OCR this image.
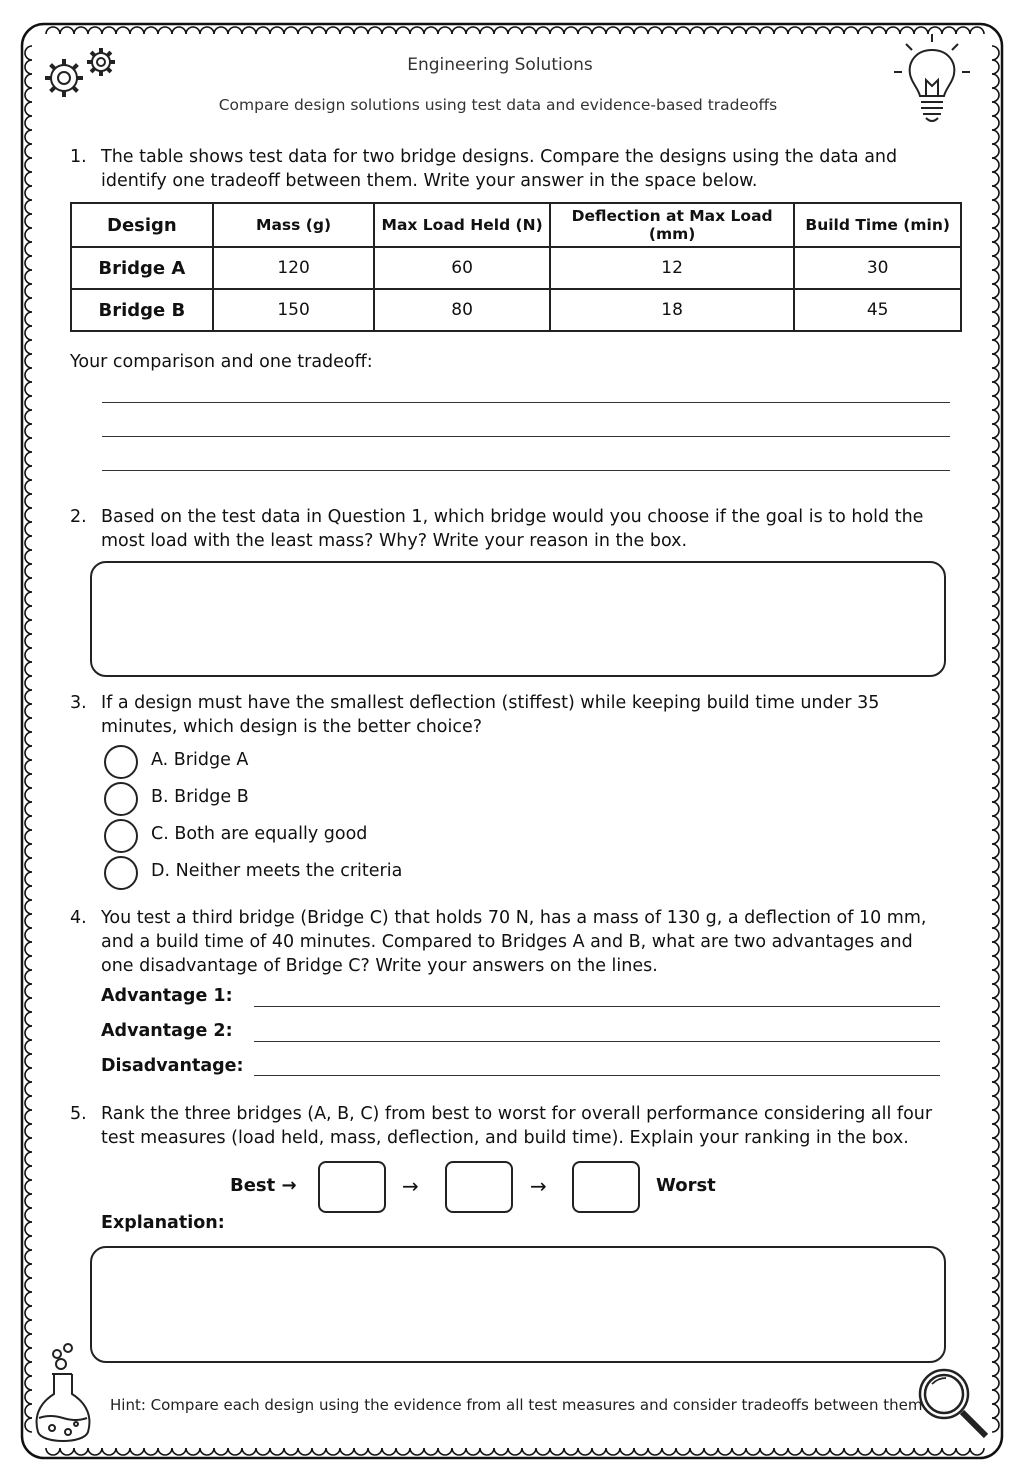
Engineering Solutions
Compare design solutions using test data and evidence-based tradeoffs
1. The table shows test data for two bridge designs. Compare the designs using the data and identify one tradeoff between them. Write your answer in the space below.
Design	Mass (g)	Max Load Held (N)	Deflection at Max Load (mm)	Build Time (min)
Bridge A	120	60	12	30
Bridge B	150	80	18	45
Your comparison and one tradeoff:
2. Based on the test data in Question 1, which bridge would you choose if the goal is to hold the most load with the least mass? Why? Write your reason in the box.
3. If a design must have the smallest deflection (stiffest) while keeping build time under 35 minutes, which design is the better choice?
A. Bridge A
B. Bridge B
C. Both are equally good
D. Neither meets the criteria
4. You test a third bridge (Bridge C) that holds 70 N, has a mass of 130 g, a deflection of 10 mm, and a build time of 40 minutes. Compared to Bridges A and B, what are two advantages and one disadvantage of Bridge C? Write your answers on the lines.
Advantage 1:
Advantage 2:
Disadvantage:
5. Rank the three bridges (A, B, C) from best to worst for overall performance considering all four test measures (load held, mass, deflection, and build time). Explain your ranking in the box.
Best →	→	→	Worst
Explanation:
Hint: Compare each design using the evidence from all test measures and consider tradeoffs between them.
